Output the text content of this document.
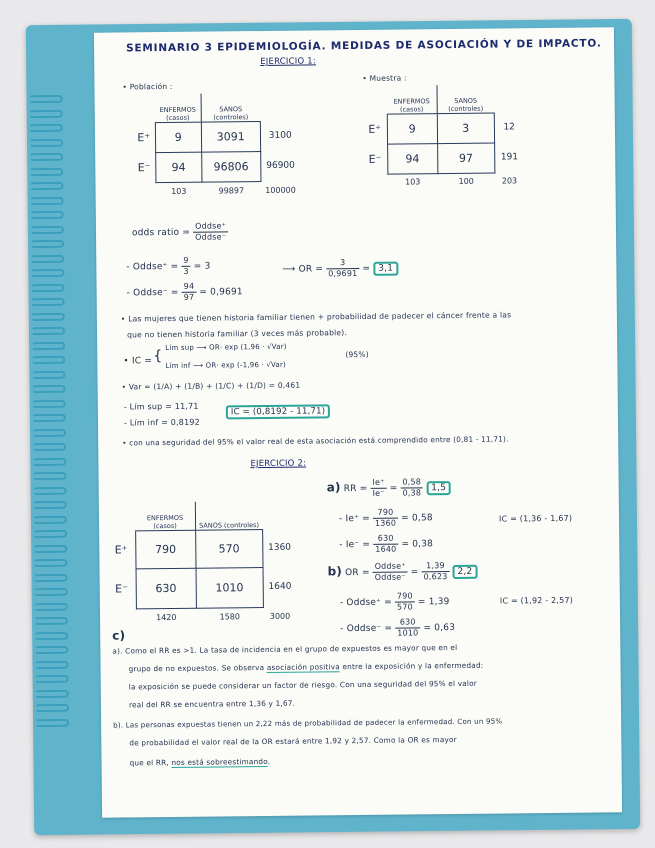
SEMINARIO 3 EPIDEMIOLOGÍA. MEDIDAS DE ASOCIACIÓN Y DE IMPACTO.
EJERCICIO 1:
• Población :
• Muestra :
	ENFERMOS (casos)	SANOS (controles)	
E⁺	9	3091	3100
E⁻	94	96806	96900
	103	99897	100000
	ENFERMOS (casos)	SANOS (controles)	
E⁺	9	3	12
E⁻	94	97	191
	103	100	203
odds ratio = $\frac{\text{Oddse⁺}}{\text{Oddse⁻}}$
- Oddse⁺ = $\frac{9}{3} = 3$
- Oddse⁻ = $\frac{94}{97} = 0,9691$
⟶ OR = $\frac{3}{0,9691} = 3,1$
• Las mujeres que tienen historia familiar tienen + probabilidad de padecer el cáncer frente a las
que no tienen historia familiar (3 veces más probable).
• IC = {
Lím sup ⟶ OR· exp (1,96 · √Var)
Lím inf ⟶ OR· exp (-1,96 · √Var)
(95%)
• Var = (1/A) + (1/B) + (1/C) + (1/D) = 0,461
- Lím sup = 11,71
- Lím inf = 0,8192
IC = (0,8192 - 11,71)
• con una seguridad del 95% el valor real de esta asociación está comprendido entre (0,81 - 11,71).
EJERCICIO 2:
	ENFERMOS (casos)	SANOS (controles)	
E⁺	790	570	1360
E⁻	630	1010	1640
	1420	1580	3000
a) RR = $\frac{Ie^+}{Ie^-} = \frac{0,58}{0,38} 1,5$
- $Ie^+ = \frac{790}{1360} = 0,58$	IC = (1,36 - 1,67)
- $Ie^- = \frac{630}{1640} = 0,38$
b) OR = $\frac{\text{Oddse⁺}}{\text{Oddse⁻}} = \frac{1,39}{0,623} 2,2$
- Oddse⁺ = $\frac{790}{570} = 1,39$	IC = (1,92 - 2,57)
- Oddse⁻ = $\frac{630}{1010} = 0,63$
c)
a). Como el RR es >1. La tasa de incidencia en el grupo de expuestos es mayor que en el
grupo de no expuestos. Se observa asociación positiva entre la exposición y la enfermedad:
la exposición se puede considerar un factor de riesgo. Con una seguridad del 95% el valor
real del RR se encuentra entre 1,36 y 1,67.
b). Las personas expuestas tienen un 2,22 más de probabilidad de padecer la enfermedad. Con un 95%
de probabilidad el valor real de la OR estará entre 1,92 y 2,57. Como la OR es mayor
que el RR, nos está sobreestimando.
